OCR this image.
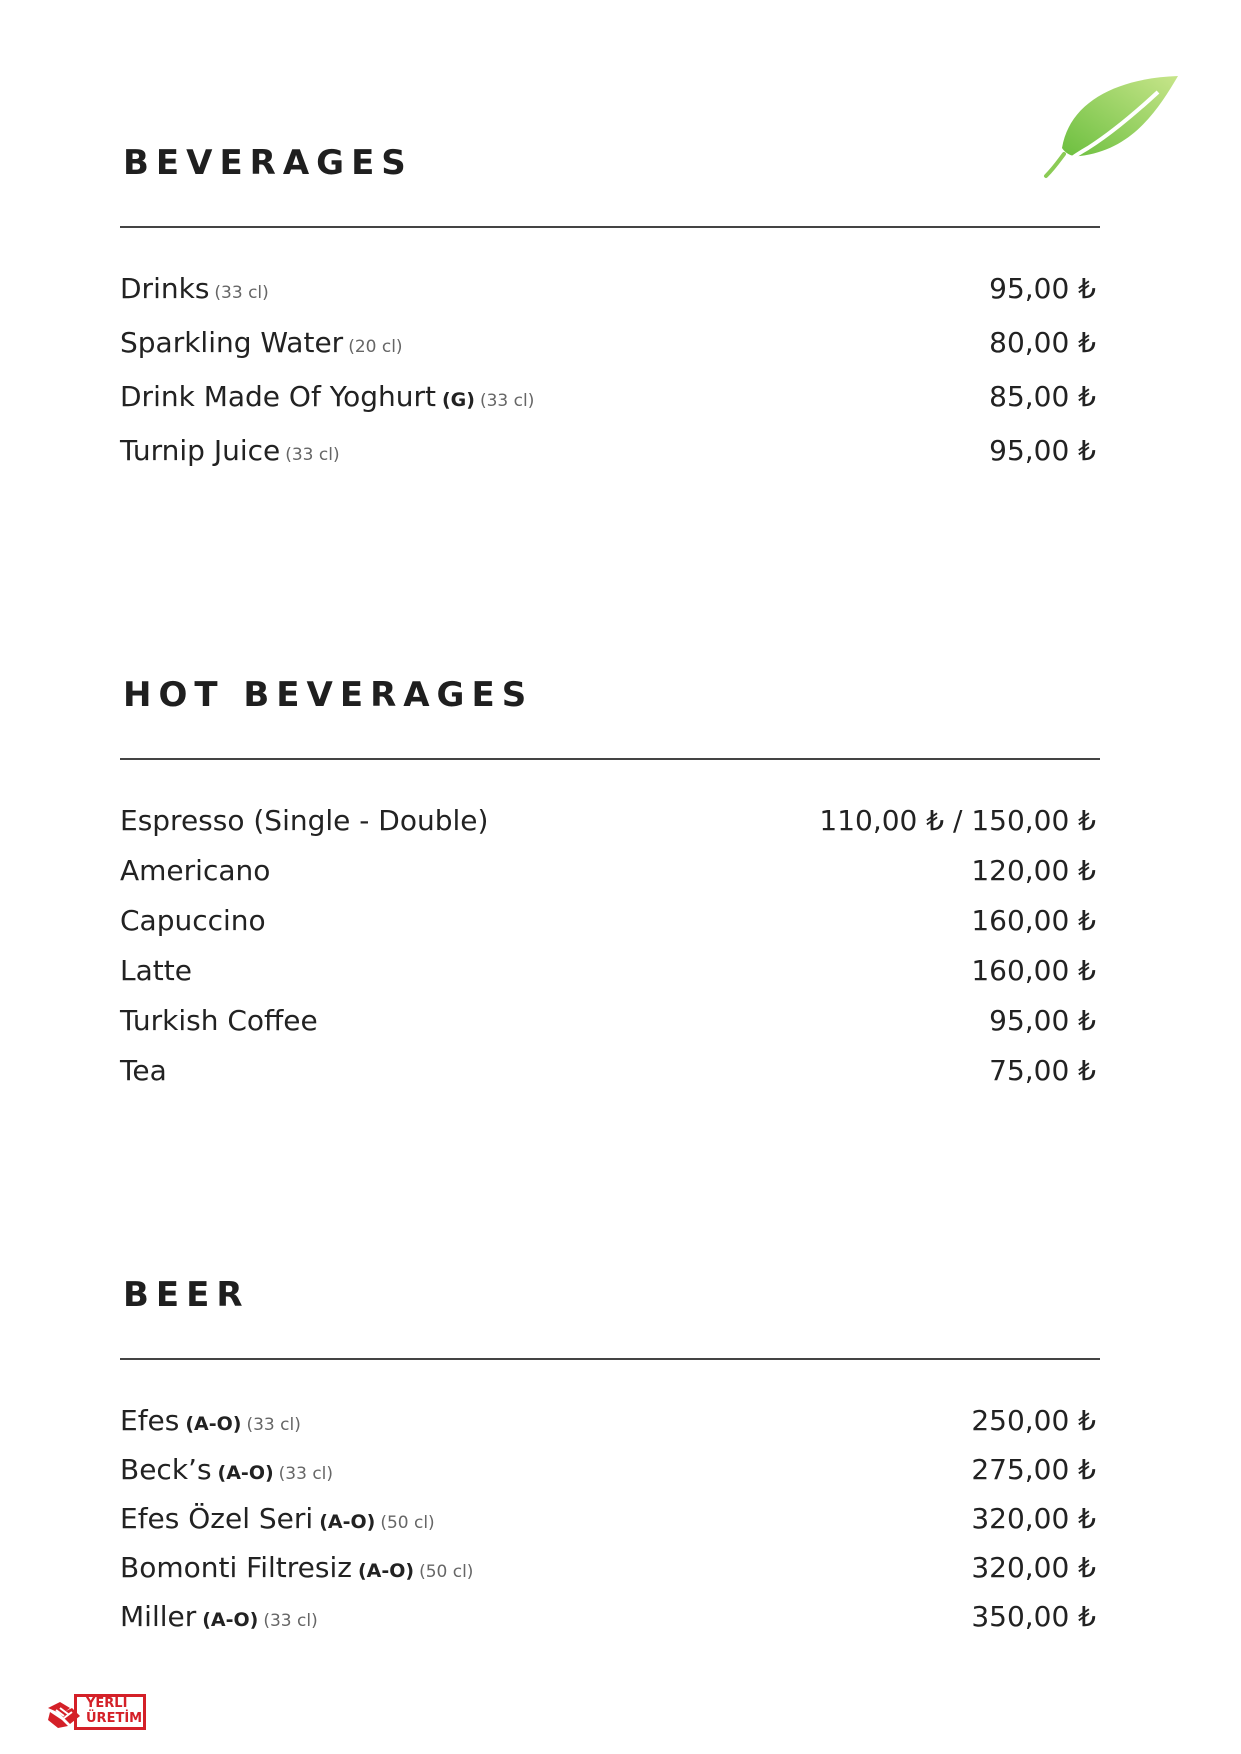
BEVERAGES
Drinks (33 cl)	95,00 ₺
Sparkling Water (20 cl)	80,00 ₺
Drink Made Of Yoghurt (G) (33 cl)	85,00 ₺
Turnip Juice (33 cl)	95,00 ₺
HOT BEVERAGES
Espresso (Single - Double)	110,00 ₺ / 150,00 ₺
Americano	120,00 ₺
Capuccino	160,00 ₺
Latte	160,00 ₺
Turkish Coffee	95,00 ₺
Tea	75,00 ₺
BEER
Efes (A-O) (33 cl)	250,00 ₺
Beck’s (A-O) (33 cl)	275,00 ₺
Efes Özel Seri (A-O) (50 cl)	320,00 ₺
Bomonti Filtresiz (A-O) (50 cl)	320,00 ₺
Miller (A-O) (33 cl)	350,00 ₺
YERLİ
ÜRETİM
